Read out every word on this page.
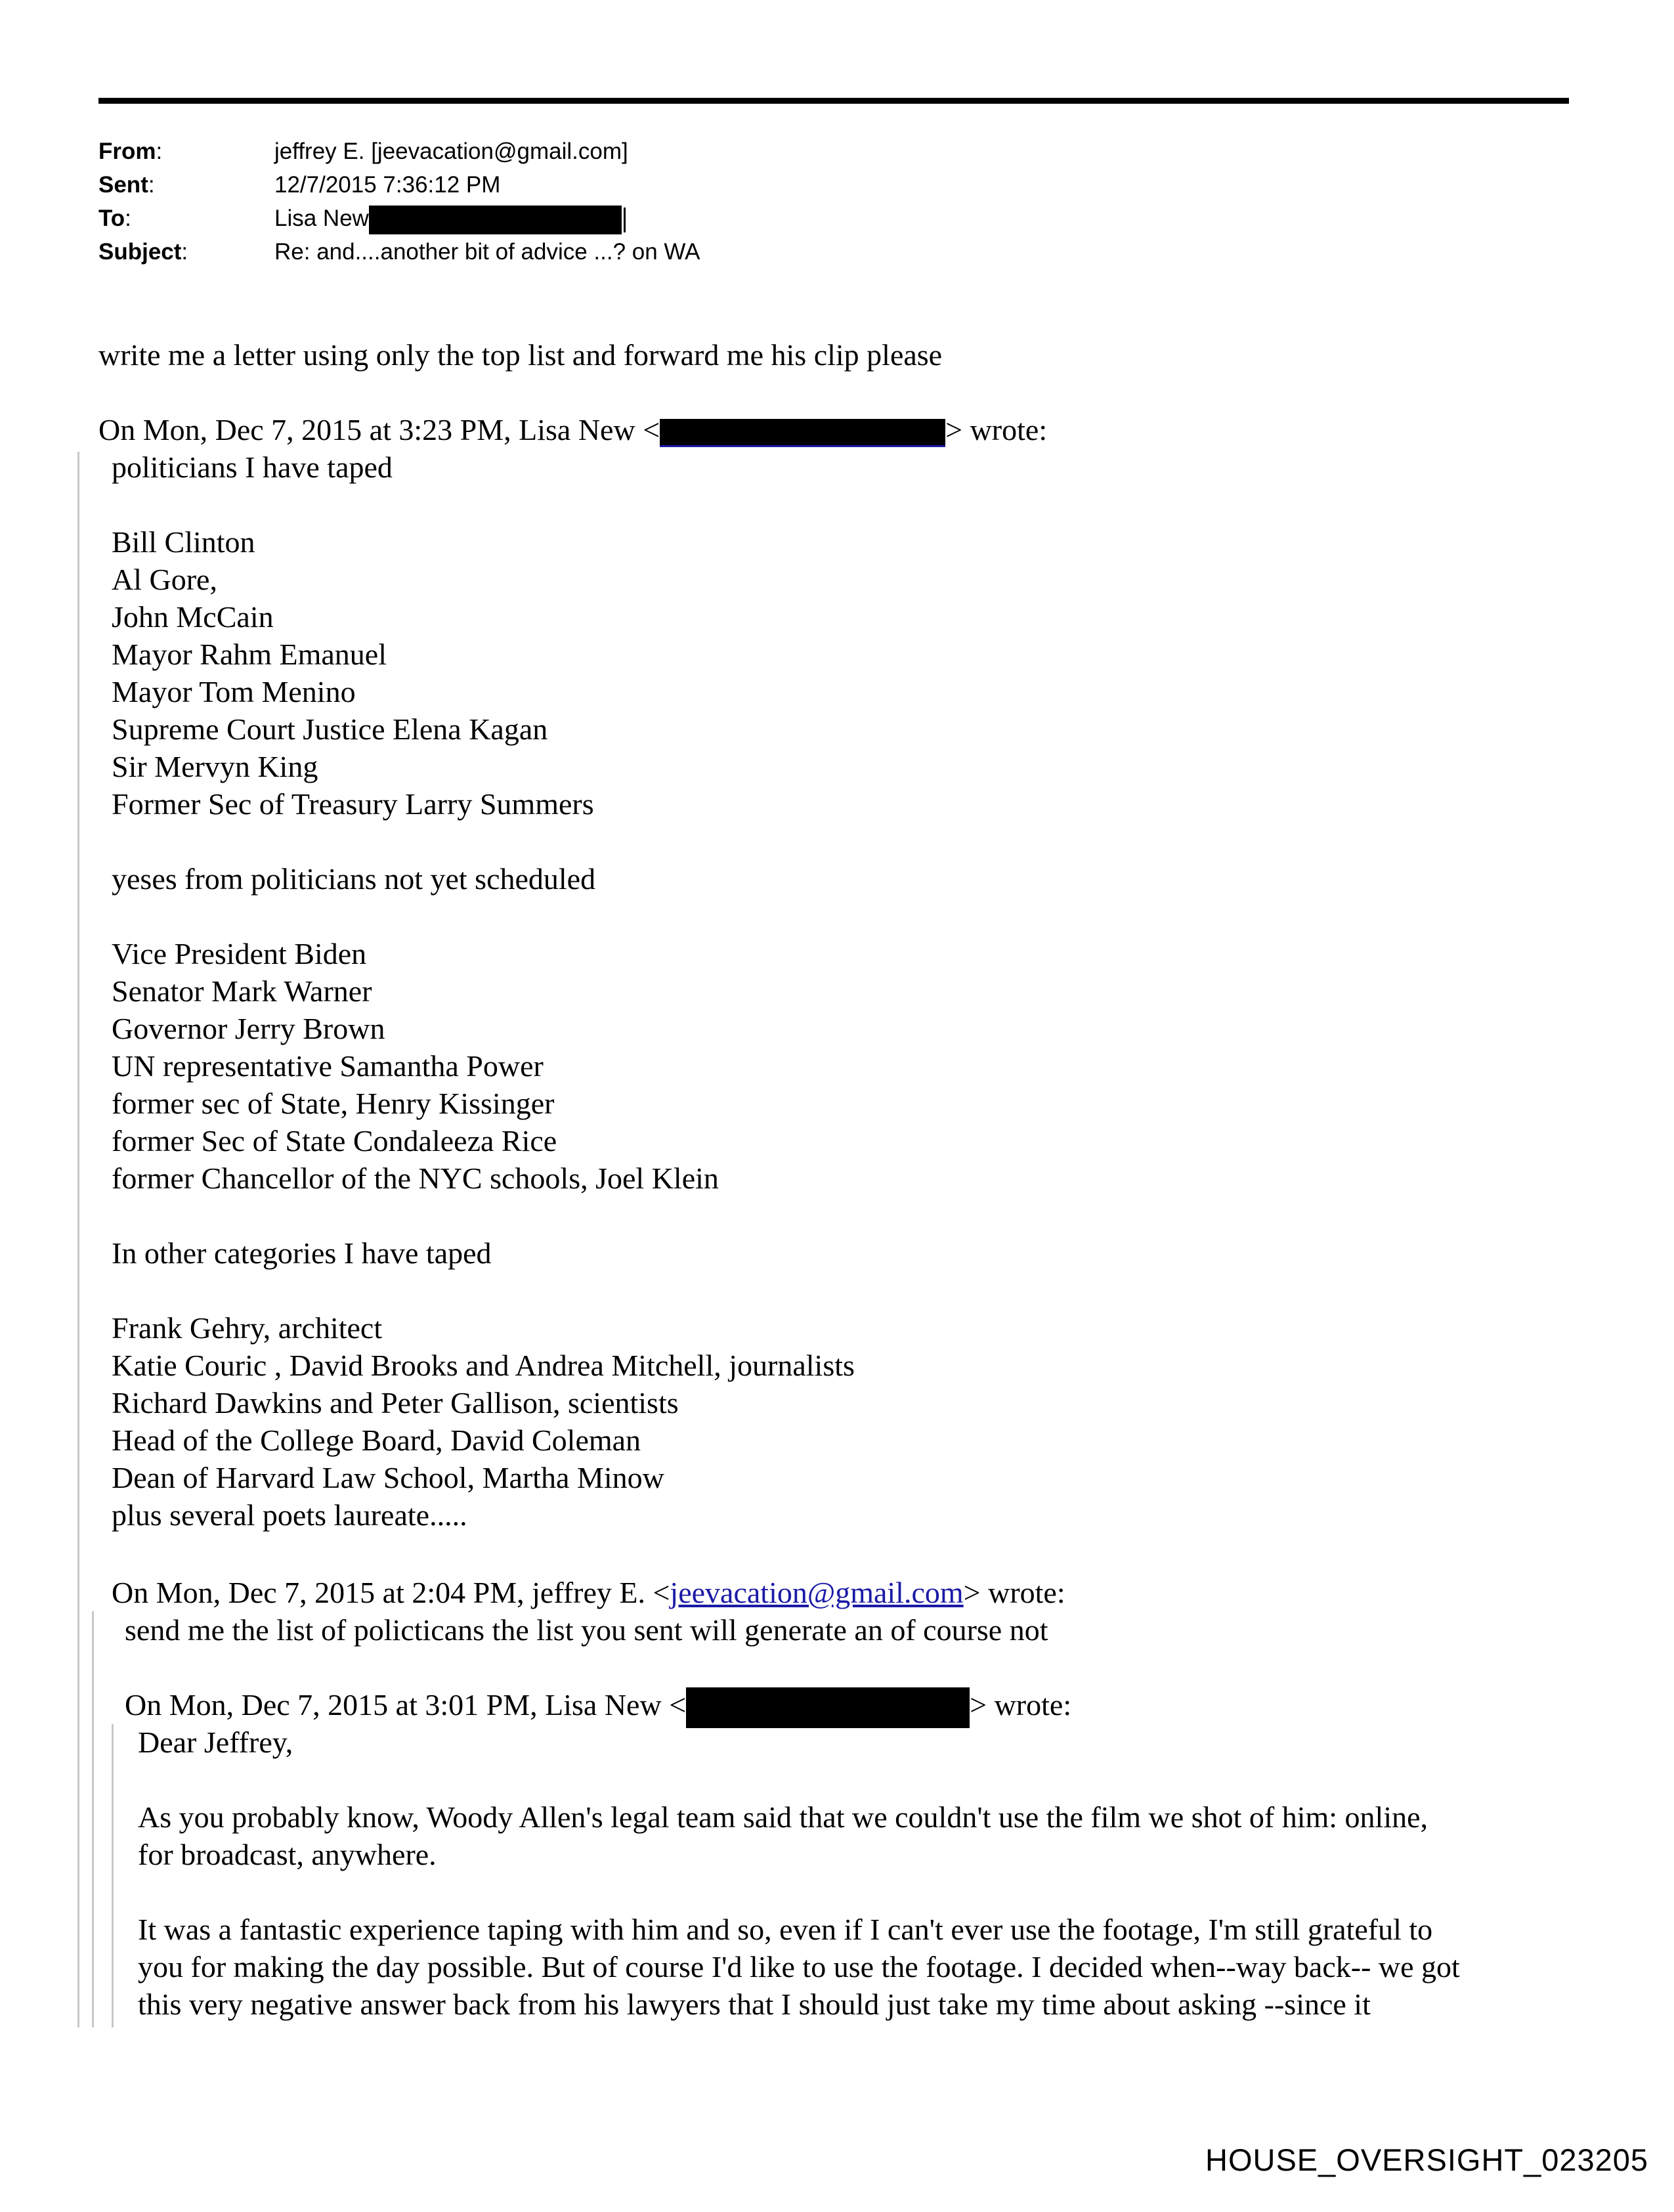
From:	jeffrey E. [jeevacation@gmail.com]
Sent:	12/7/2015 7:36:12 PM
To:	Lisa New
Subject:	Re: and....another bit of advice ...? on WA
write me a letter using only the top list and forward me his clip please
On Mon, Dec 7, 2015 at 3:23 PM, Lisa New <	> wrote:
politicians I have taped
Bill Clinton
Al Gore,
John McCain
Mayor Rahm Emanuel
Mayor Tom Menino
Supreme Court Justice Elena Kagan
Sir Mervyn King
Former Sec of Treasury Larry Summers
yeses from politicians not yet scheduled
Vice President Biden
Senator Mark Warner
Governor Jerry Brown
UN representative Samantha Power
former sec of State, Henry Kissinger
former Sec of State Condaleeza Rice
former Chancellor of the NYC schools, Joel Klein
In other categories I have taped
Frank Gehry, architect
Katie Couric , David Brooks and Andrea Mitchell, journalists
Richard Dawkins and Peter Gallison, scientists
Head of the College Board, David Coleman
Dean of Harvard Law School, Martha Minow
plus several poets laureate.....
On Mon, Dec 7, 2015 at 2:04 PM, jeffrey E. <jeevacation@gmail.com> wrote:
send me the list of policticans the list you sent will generate an of course not
On Mon, Dec 7, 2015 at 3:01 PM, Lisa New <	> wrote:
Dear Jeffrey,
As you probably know, Woody Allen's legal team said that we couldn't use the film we shot of him: online,
for broadcast, anywhere.
It was a fantastic experience taping with him and so, even if I can't ever use the footage, I'm still grateful to
you for making the day possible. But of course I'd like to use the footage. I decided when--way back-- we got
this very negative answer back from his lawyers that I should just take my time about asking --since it
HOUSE_OVERSIGHT_023205
